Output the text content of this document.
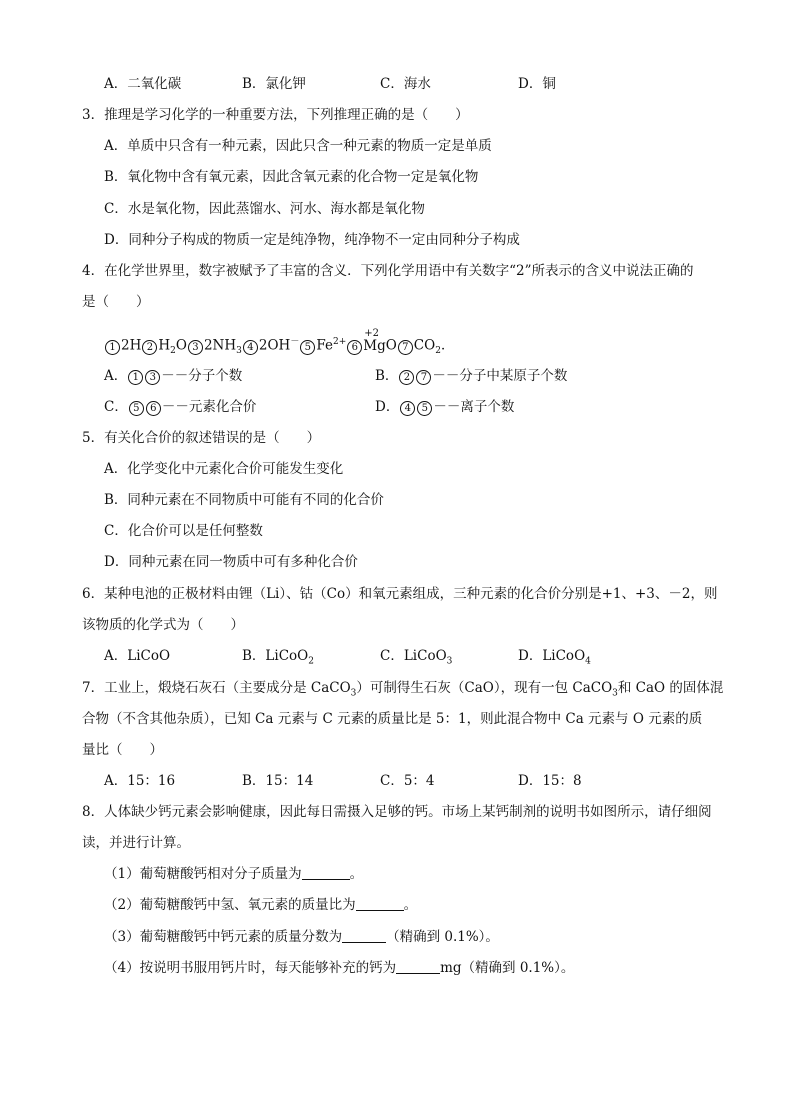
A．二氧化碳	B．氯化钾	C．海水	D．铜
3．推理是学习化学的一种重要方法，下列推理正确的是（　　）
A．单质中只含有一种元素，因此只含一种元素的物质一定是单质
B．氧化物中含有氧元素，因此含氧元素的化合物一定是氧化物
C．水是氧化物，因此蒸馏水、河水、海水都是氧化物
D．同种分子构成的物质一定是纯净物，纯净物不一定由同种分子构成
4．在化学世界里，数字被赋予了丰富的含义．下列化学用语中有关数字“2”所表示的含义中说法正确的
是（　　）
1 2H 2 $H_2O$ 3 $2NH_3$ 4 2OH－ 5 $Fe^{2+}$ 6
+2
MgO 7 $CO_2$．
A． 1 3 －－分子个数	B． 2 7 －－分子中某原子个数
C． 5 6 －－元素化合价	D． 4 5 －－离子个数
5．有关化合价的叙述错误的是（　　）
A．化学变化中元素化合价可能发生变化
B．同种元素在不同物质中可能有不同的化合价
C．化合价可以是任何整数
D．同种元素在同一物质中可有多种化合价
6．某种电池的正极材料由锂（Li）、钴（Co）和氧元素组成，三种元素的化合价分别是+1、+3、－2，则
该物质的化学式为（　　）
A．LiCoO	B．LiCoO$_2$	C．LiCoO$_3$	D．LiCoO$_4$
7．工业上，煅烧石灰石（主要成分是 CaCO$_3$）可制得生石灰（CaO），现有一包 CaCO$_3$和 CaO 的固体混
合物（不含其他杂质），已知 Ca 元素与 C 元素的质量比是 5：1，则此混合物中 Ca 元素与 O 元素的质
量比（　　）
A．15：16	B．15：14	C．5：4	D．15：8
8．人体缺少钙元素会影响健康，因此每日需摄入足够的钙。市场上某钙制剂的说明书如图所示，请仔细阅
读，并进行计算。
（1）葡萄糖酸钙相对分子质量为	。
（2）葡萄糖酸钙中氢、氧元素的质量比为	。
（3）葡萄糖酸钙中钙元素的质量分数为	（精确到 0.1%）。
（4）按说明书服用钙片时，每天能够补充的钙为	mg（精确到 0.1%）。
